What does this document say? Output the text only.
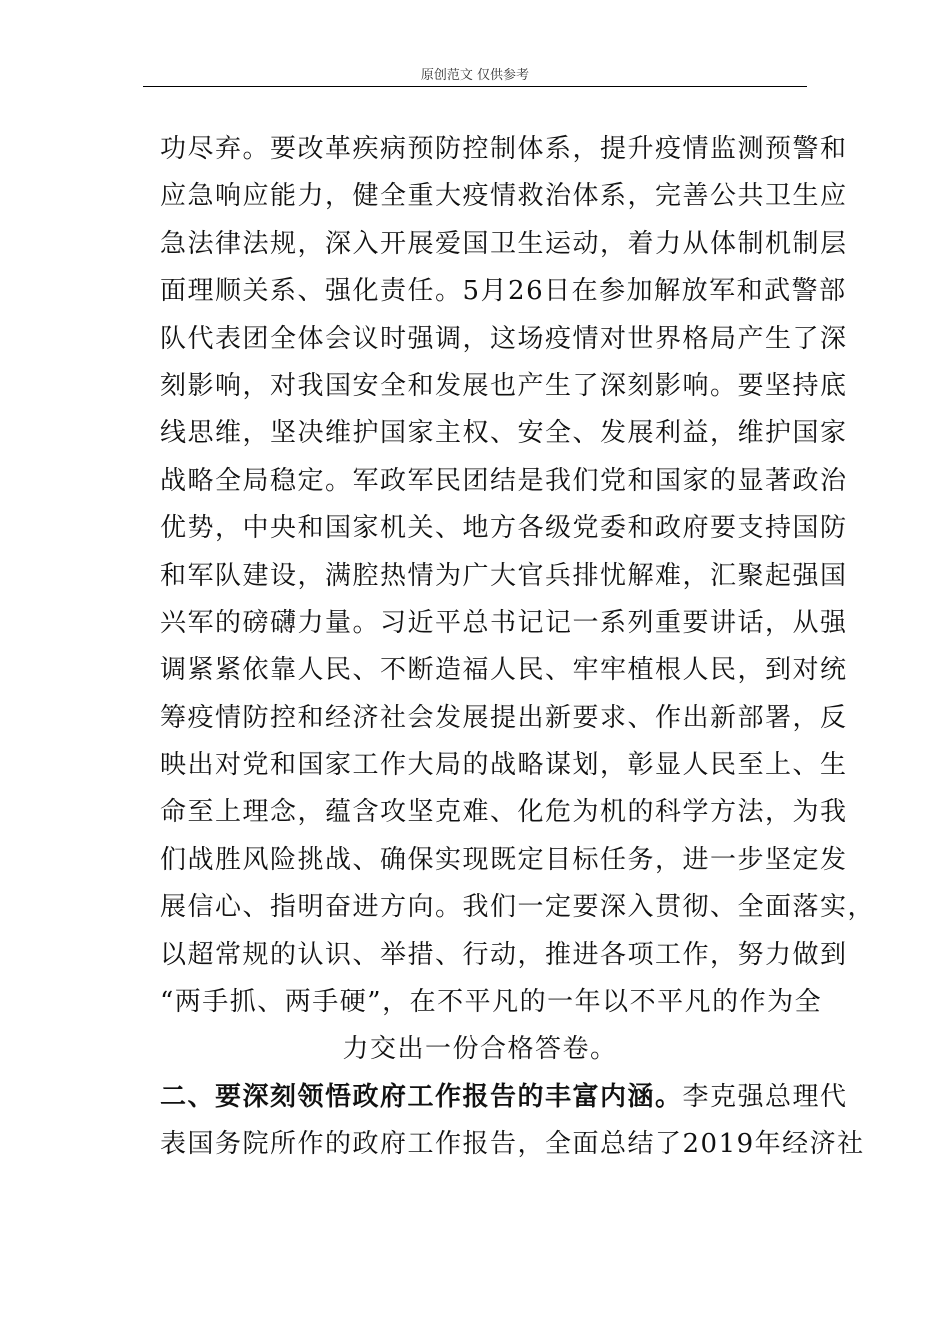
原创范文 仅供参考
功尽弃。要改革疾病预防控制体系，提升疫情监测预警和
应急响应能力，健全重大疫情救治体系，完善公共卫生应
急法律法规，深入开展爱国卫生运动，着力从体制机制层
面理顺关系、强化责任。5月26日在参加解放军和武警部
队代表团全体会议时强调，这场疫情对世界格局产生了深
刻影响，对我国安全和发展也产生了深刻影响。要坚持底
线思维，坚决维护国家主权、安全、发展利益，维护国家
战略全局稳定。军政军民团结是我们党和国家的显著政治
优势，中央和国家机关、地方各级党委和政府要支持国防
和军队建设，满腔热情为广大官兵排忧解难，汇聚起强国
兴军的磅礴力量。习近平总书记记一系列重要讲话，从强
调紧紧依靠人民、不断造福人民、牢牢植根人民，到对统
筹疫情防控和经济社会发展提出新要求、作出新部署，反
映出对党和国家工作大局的战略谋划，彰显人民至上、生
命至上理念，蕴含攻坚克难、化危为机的科学方法，为我
们战胜风险挑战、确保实现既定目标任务，进一步坚定发
展信心、指明奋进方向。我们一定要深入贯彻、全面落实，
以超常规的认识、举措、行动，推进各项工作，努力做到
“两手抓、两手硬”，在不平凡的一年以不平凡的作为全
力交出一份合格答卷。
二、要深刻领悟政府工作报告的丰富内涵。李克强总理代
表国务院所作的政府工作报告，全面总结了2019年经济社
